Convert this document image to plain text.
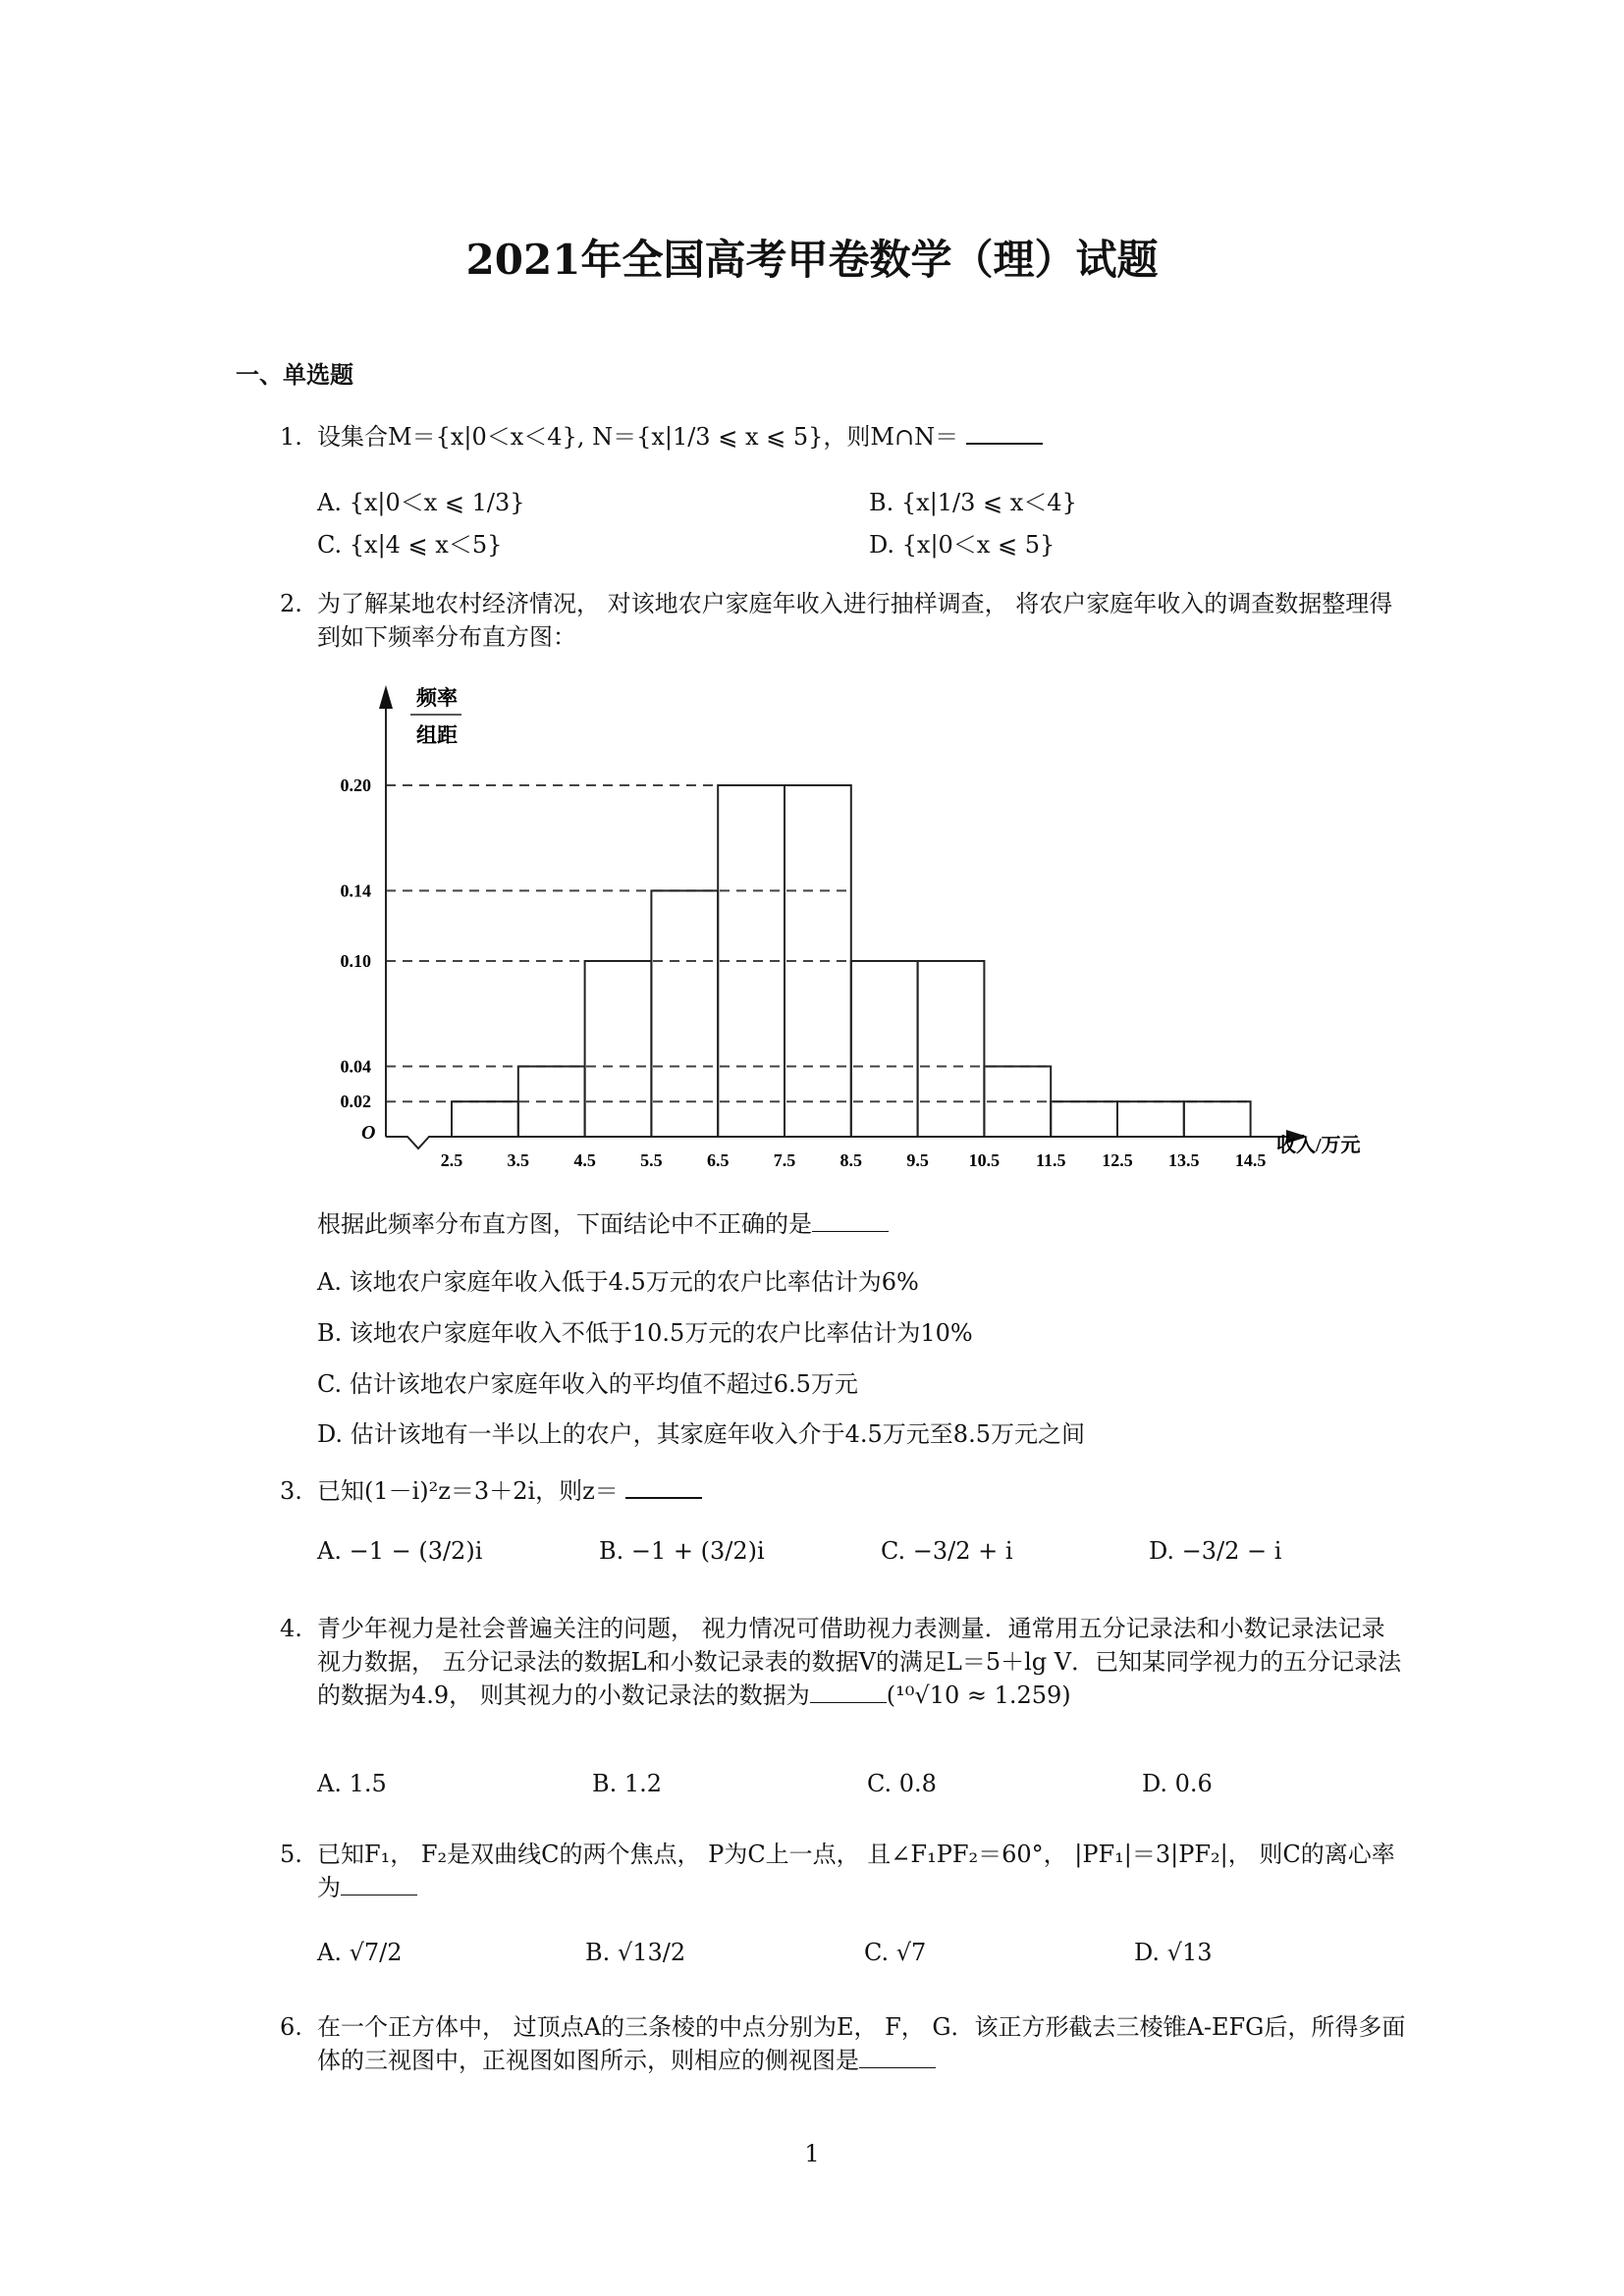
2021年全国高考甲卷数学（理）试题
一、单选题
1. 设集合M＝{x|0＜x＜4}, N＝{x|1/3 ⩽ x ⩽ 5}，则M∩N＝
A. {x|0＜x ⩽ 1/3}	B. {x|1/3 ⩽ x＜4}
C. {x|4 ⩽ x＜5}	D. {x|0＜x ⩽ 5}
2. 为了解某地农村经济情况， 对该地农户家庭年收入进行抽样调查， 将农户家庭年收入的调查数据整理得到如下频率分布直方图：
频率
组距
O
收入/万元
0.02
0.04
0.10
0.14
0.20
2.5	3.5	4.5	5.5	6.5	7.5	8.5	9.5 10.5 11.5 12.5 13.5 14.5
根据此频率分布直方图，下面结论中不正确的是
A. 该地农户家庭年收入低于4.5万元的农户比率估计为6%
B. 该地农户家庭年收入不低于10.5万元的农户比率估计为10%
C. 估计该地农户家庭年收入的平均值不超过6.5万元
D. 估计该地有一半以上的农户，其家庭年收入介于4.5万元至8.5万元之间
3. 已知(1－i)²z＝3＋2i，则z＝
A. −1 − (3/2)i	B. −1 + (3/2)i	C. −3/2 + i	D. −3/2 − i
4. 青少年视力是社会普遍关注的问题， 视力情况可借助视力表测量．通常用五分记录法和小数记录法记录视力数据， 五分记录法的数据L和小数记录表的数据V的满足L＝5＋lg V．已知某同学视力的五分记录法的数据为4.9， 则其视力的小数记录法的数据为	(¹⁰√10 ≈ 1.259)
A. 1.5	B. 1.2	C. 0.8	D. 0.6
5. 已知F₁， F₂是双曲线C的两个焦点， P为C上一点， 且∠F₁PF₂＝60°， |PF₁|＝3|PF₂|， 则C的离心率为
A. √7/2	B. √13/2	C. √7	D. √13
6. 在一个正方体中， 过顶点A的三条棱的中点分别为E， F， G．该正方形截去三棱锥A-EFG后，所得多面体的三视图中，正视图如图所示，则相应的侧视图是
1
